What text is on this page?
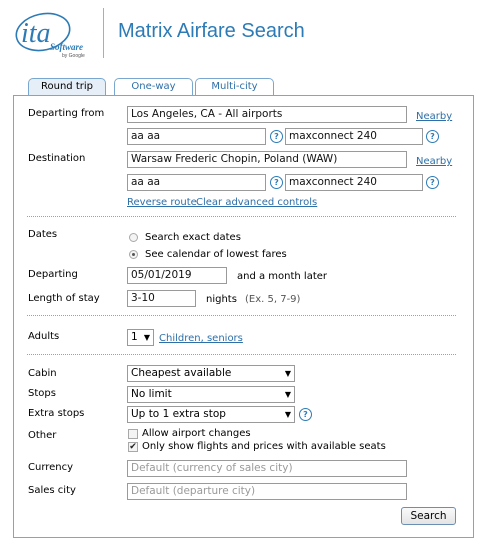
ita Software
by Google
Matrix Airfare Search
Round trip	One-way	Multi-city
Departing from	Los Angeles, CA - All airports	Nearby
aa aa	? maxconnect 240	?
Destination	Warsaw Frederic Chopin, Poland (WAW)	Nearby
aa aa	? maxconnect 240	?
Reverse route Clear advanced controls
Dates	Search exact dates
See calendar of lowest fares
Departing	05/01/2019	and a month later
Length of stay	3-10	nights (Ex. 5, 7-9)
Adults	1 ▼ Children, seniors
Cabin	Cheapest available	▼
Stops	No limit	▼
Extra stops	Up to 1 extra stop	▼	?
Other	Allow airport changes
✔ Only show flights and prices with available seats
Currency	Default (currency of sales city)
Sales city	Default (departure city)
Search
